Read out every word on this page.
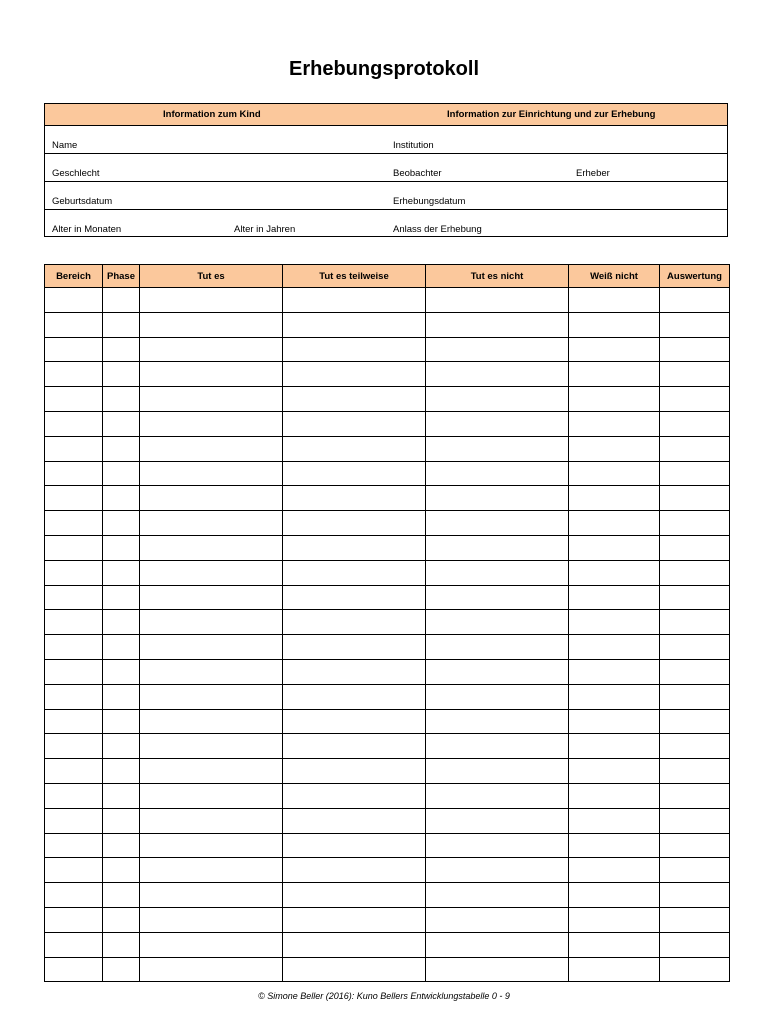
Erhebungsprotokoll
Information zum Kind	Information zur Einrichtung und zur Erhebung
Name	Institution
Geschlecht	Beobachter	Erheber
Geburtsdatum	Erhebungsdatum
Alter in Monaten	Alter in Jahren	Anlass der Erhebung
Bereich	Phase	Tut es	Tut es teilweise	Tut es nicht	Weiß nicht	Auswertung

© Simone Beller (2016): Kuno Bellers Entwicklungstabelle 0 - 9
